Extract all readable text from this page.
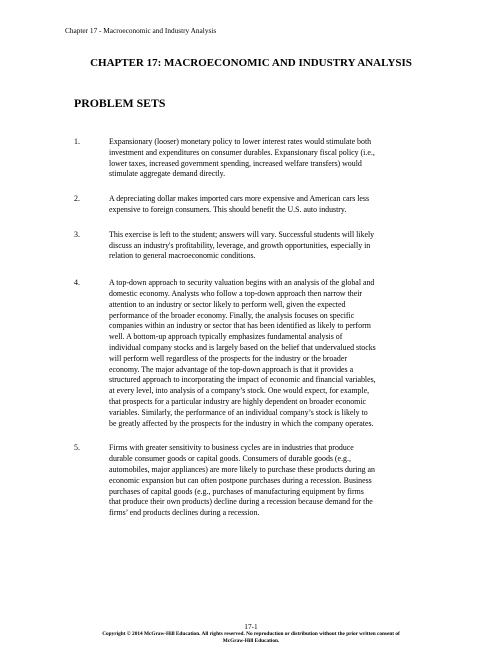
Chapter 17 - Macroeconomic and Industry Analysis
CHAPTER 17: MACROECONOMIC AND INDUSTRY ANALYSIS
PROBLEM SETS
1.	Expansionary (looser) monetary policy to lower interest rates would stimulate both
investment and expenditures on consumer durables. Expansionary fiscal policy (i.e.,
lower taxes, increased government spending, increased welfare transfers) would
stimulate aggregate demand directly.
2.	A depreciating dollar makes imported cars more expensive and American cars less
expensive to foreign consumers. This should benefit the U.S. auto industry.
3.	This exercise is left to the student; answers will vary. Successful students will likely
discuss an industry's profitability, leverage, and growth opportunities, especially in
relation to general macroeconomic conditions.
4.	A top-down approach to security valuation begins with an analysis of the global and
domestic economy. Analysts who follow a top-down approach then narrow their
attention to an industry or sector likely to perform well, given the expected
performance of the broader economy. Finally, the analysis focuses on specific
companies within an industry or sector that has been identified as likely to perform
well. A bottom-up approach typically emphasizes fundamental analysis of
individual company stocks and is largely based on the belief that undervalued stocks
will perform well regardless of the prospects for the industry or the broader
economy. The major advantage of the top-down approach is that it provides a
structured approach to incorporating the impact of economic and financial variables,
at every level, into analysis of a company’s stock. One would expect, for example,
that prospects for a particular industry are highly dependent on broader economic
variables. Similarly, the performance of an individual company’s stock is likely to
be greatly affected by the prospects for the industry in which the company operates.
5.	Firms with greater sensitivity to business cycles are in industries that produce
durable consumer goods or capital goods. Consumers of durable goods (e.g.,
automobiles, major appliances) are more likely to purchase these products during an
economic expansion but can often postpone purchases during a recession. Business
purchases of capital goods (e.g., purchases of manufacturing equipment by firms
that produce their own products) decline during a recession because demand for the
firms’ end products declines during a recession.
17-1
Copyright © 2014 McGraw-Hill Education. All rights reserved. No reproduction or distribution without the prior written consent of
McGraw-Hill Education.
